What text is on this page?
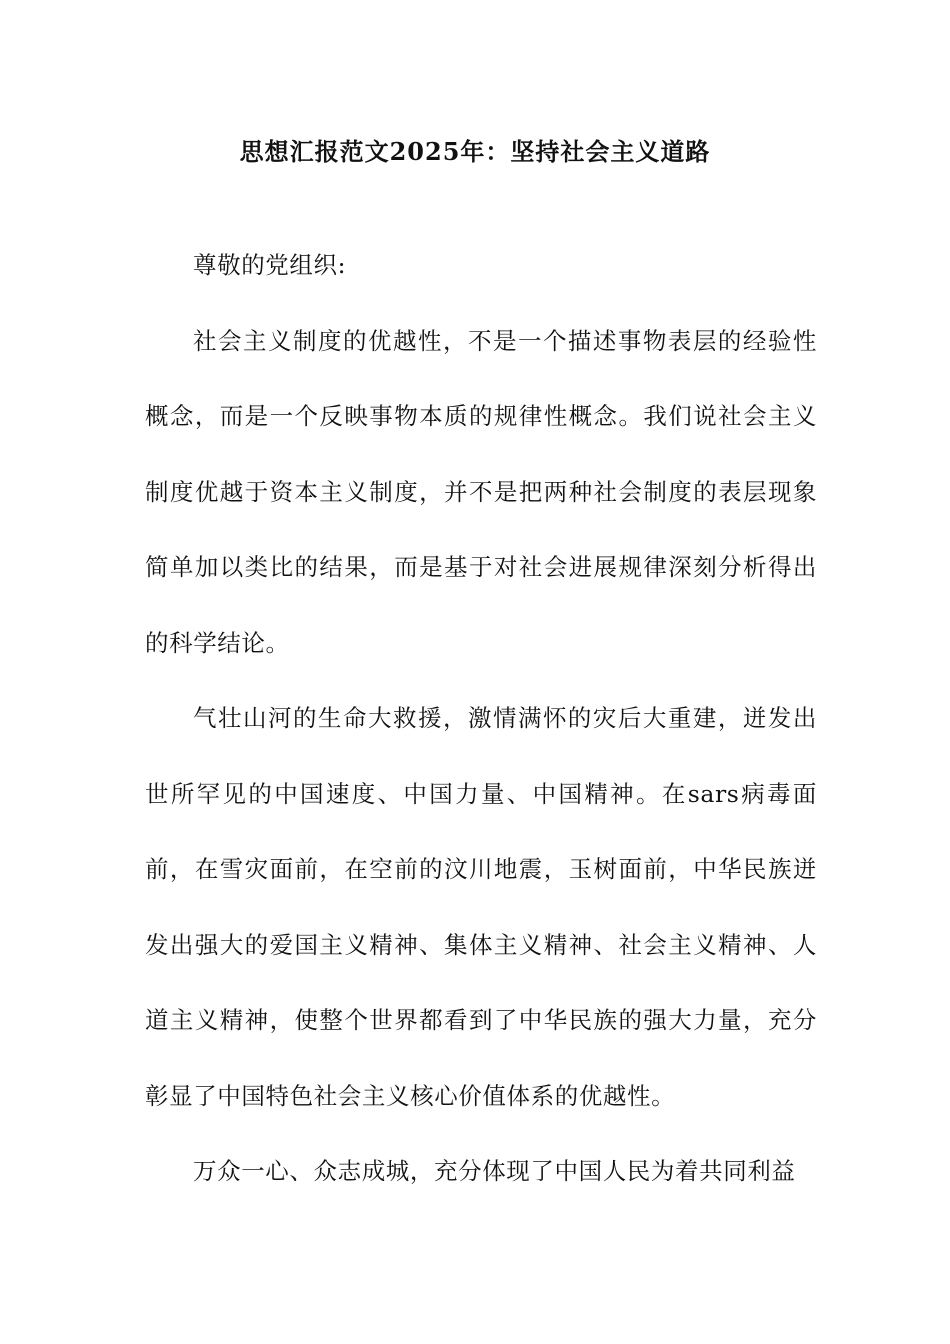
思想汇报范文2025年：坚持社会主义道路

尊敬的党组织:

社会主义制度的优越性，不是一个描述事物表层的经验性概念，而是一个反映事物本质的规律性概念。我们说社会主义制度优越于资本主义制度，并不是把两种社会制度的表层现象简单加以类比的结果，而是基于对社会进展规律深刻分析得出的科学结论。

气壮山河的生命大救援，激情满怀的灾后大重建，迸发出世所罕见的中国速度、中国力量、中国精神。在sars病毒面前，在雪灾面前，在空前的汶川地震，玉树面前，中华民族迸发出强大的爱国主义精神、集体主义精神、社会主义精神、人道主义精神，使整个世界都看到了中华民族的强大力量，充分彰显了中国特色社会主义核心价值体系的优越性。

万众一心、众志成城，充分体现了中国人民为着共同利益
